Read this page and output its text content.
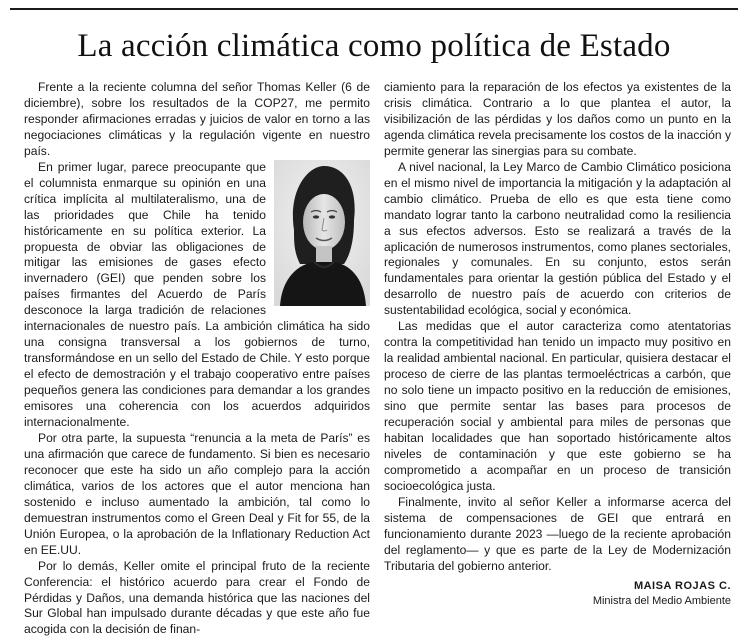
La acción climática como política de Estado

Frente a la reciente columna del señor Thomas Keller (6 de diciembre), sobre los resultados de la COP27, me permito responder afirmaciones erradas y juicios de valor en torno a las negociaciones climáticas y la regulación vigente en nuestro país.

En primer lugar, parece preocupante que el columnista enmarque su opinión en una crítica implícita al multilateralismo, una de las prioridades que Chile ha tenido históricamente en su política exterior. La propuesta de obviar las obligaciones de mitigar las emisiones de gases efecto invernadero (GEI) que penden sobre los países firmantes del Acuerdo de París desconoce la larga tradición de relaciones internacionales de nuestro país. La ambición climática ha sido una consigna transversal a los gobiernos de turno, transformándose en un sello del Estado de Chile. Y esto porque el efecto de demostración y el trabajo cooperativo entre países pequeños genera las condiciones para demandar a los grandes emisores una coherencia con los acuerdos adquiridos internacionalmente.

Por otra parte, la supuesta “renuncia a la meta de París” es una afirmación que carece de fundamento. Si bien es necesario reconocer que este ha sido un año complejo para la acción climática, varios de los actores que el autor menciona han sostenido e incluso aumentado la ambición, tal como lo demuestran instrumentos como el Green Deal y Fit for 55, de la Unión Europea, o la aprobación de la Inflationary Reduction Act en EE.UU.

Por lo demás, Keller omite el principal fruto de la reciente Conferencia: el histórico acuerdo para crear el Fondo de Pérdidas y Daños, una demanda histórica que las naciones del Sur Global han impulsado durante décadas y que este año fue acogida con la decisión de finan-

ciamiento para la reparación de los efectos ya existentes de la crisis climática. Contrario a lo que plantea el autor, la visibilización de las pérdidas y los daños como un punto en la agenda climática revela precisamente los costos de la inacción y permite generar las sinergias para su combate.

A nivel nacional, la Ley Marco de Cambio Climático posiciona en el mismo nivel de importancia la mitigación y la adaptación al cambio climático. Prueba de ello es que esta tiene como mandato lograr tanto la carbono neutralidad como la resiliencia a sus efectos adversos. Esto se realizará a través de la aplicación de numerosos instrumentos, como planes sectoriales, regionales y comunales. En su conjunto, estos serán fundamentales para orientar la gestión pública del Estado y el desarrollo de nuestro país de acuerdo con criterios de sustentabilidad ecológica, social y económica.

Las medidas que el autor caracteriza como atentatorias contra la competitividad han tenido un impacto muy positivo en la realidad ambiental nacional. En particular, quisiera destacar el proceso de cierre de las plantas termoeléctricas a carbón, que no solo tiene un impacto positivo en la reducción de emisiones, sino que permite sentar las bases para procesos de recuperación social y ambiental para miles de personas que habitan localidades que han soportado históricamente altos niveles de contaminación y que este gobierno se ha comprometido a acompañar en un proceso de transición socioecológica justa.

Finalmente, invito al señor Keller a informarse acerca del sistema de compensaciones de GEI que entrará en funcionamiento durante 2023 —luego de la reciente aprobación del reglamento— y que es parte de la Ley de Modernización Tributaria del gobierno anterior.

MAISA ROJAS C.
Ministra del Medio Ambiente
